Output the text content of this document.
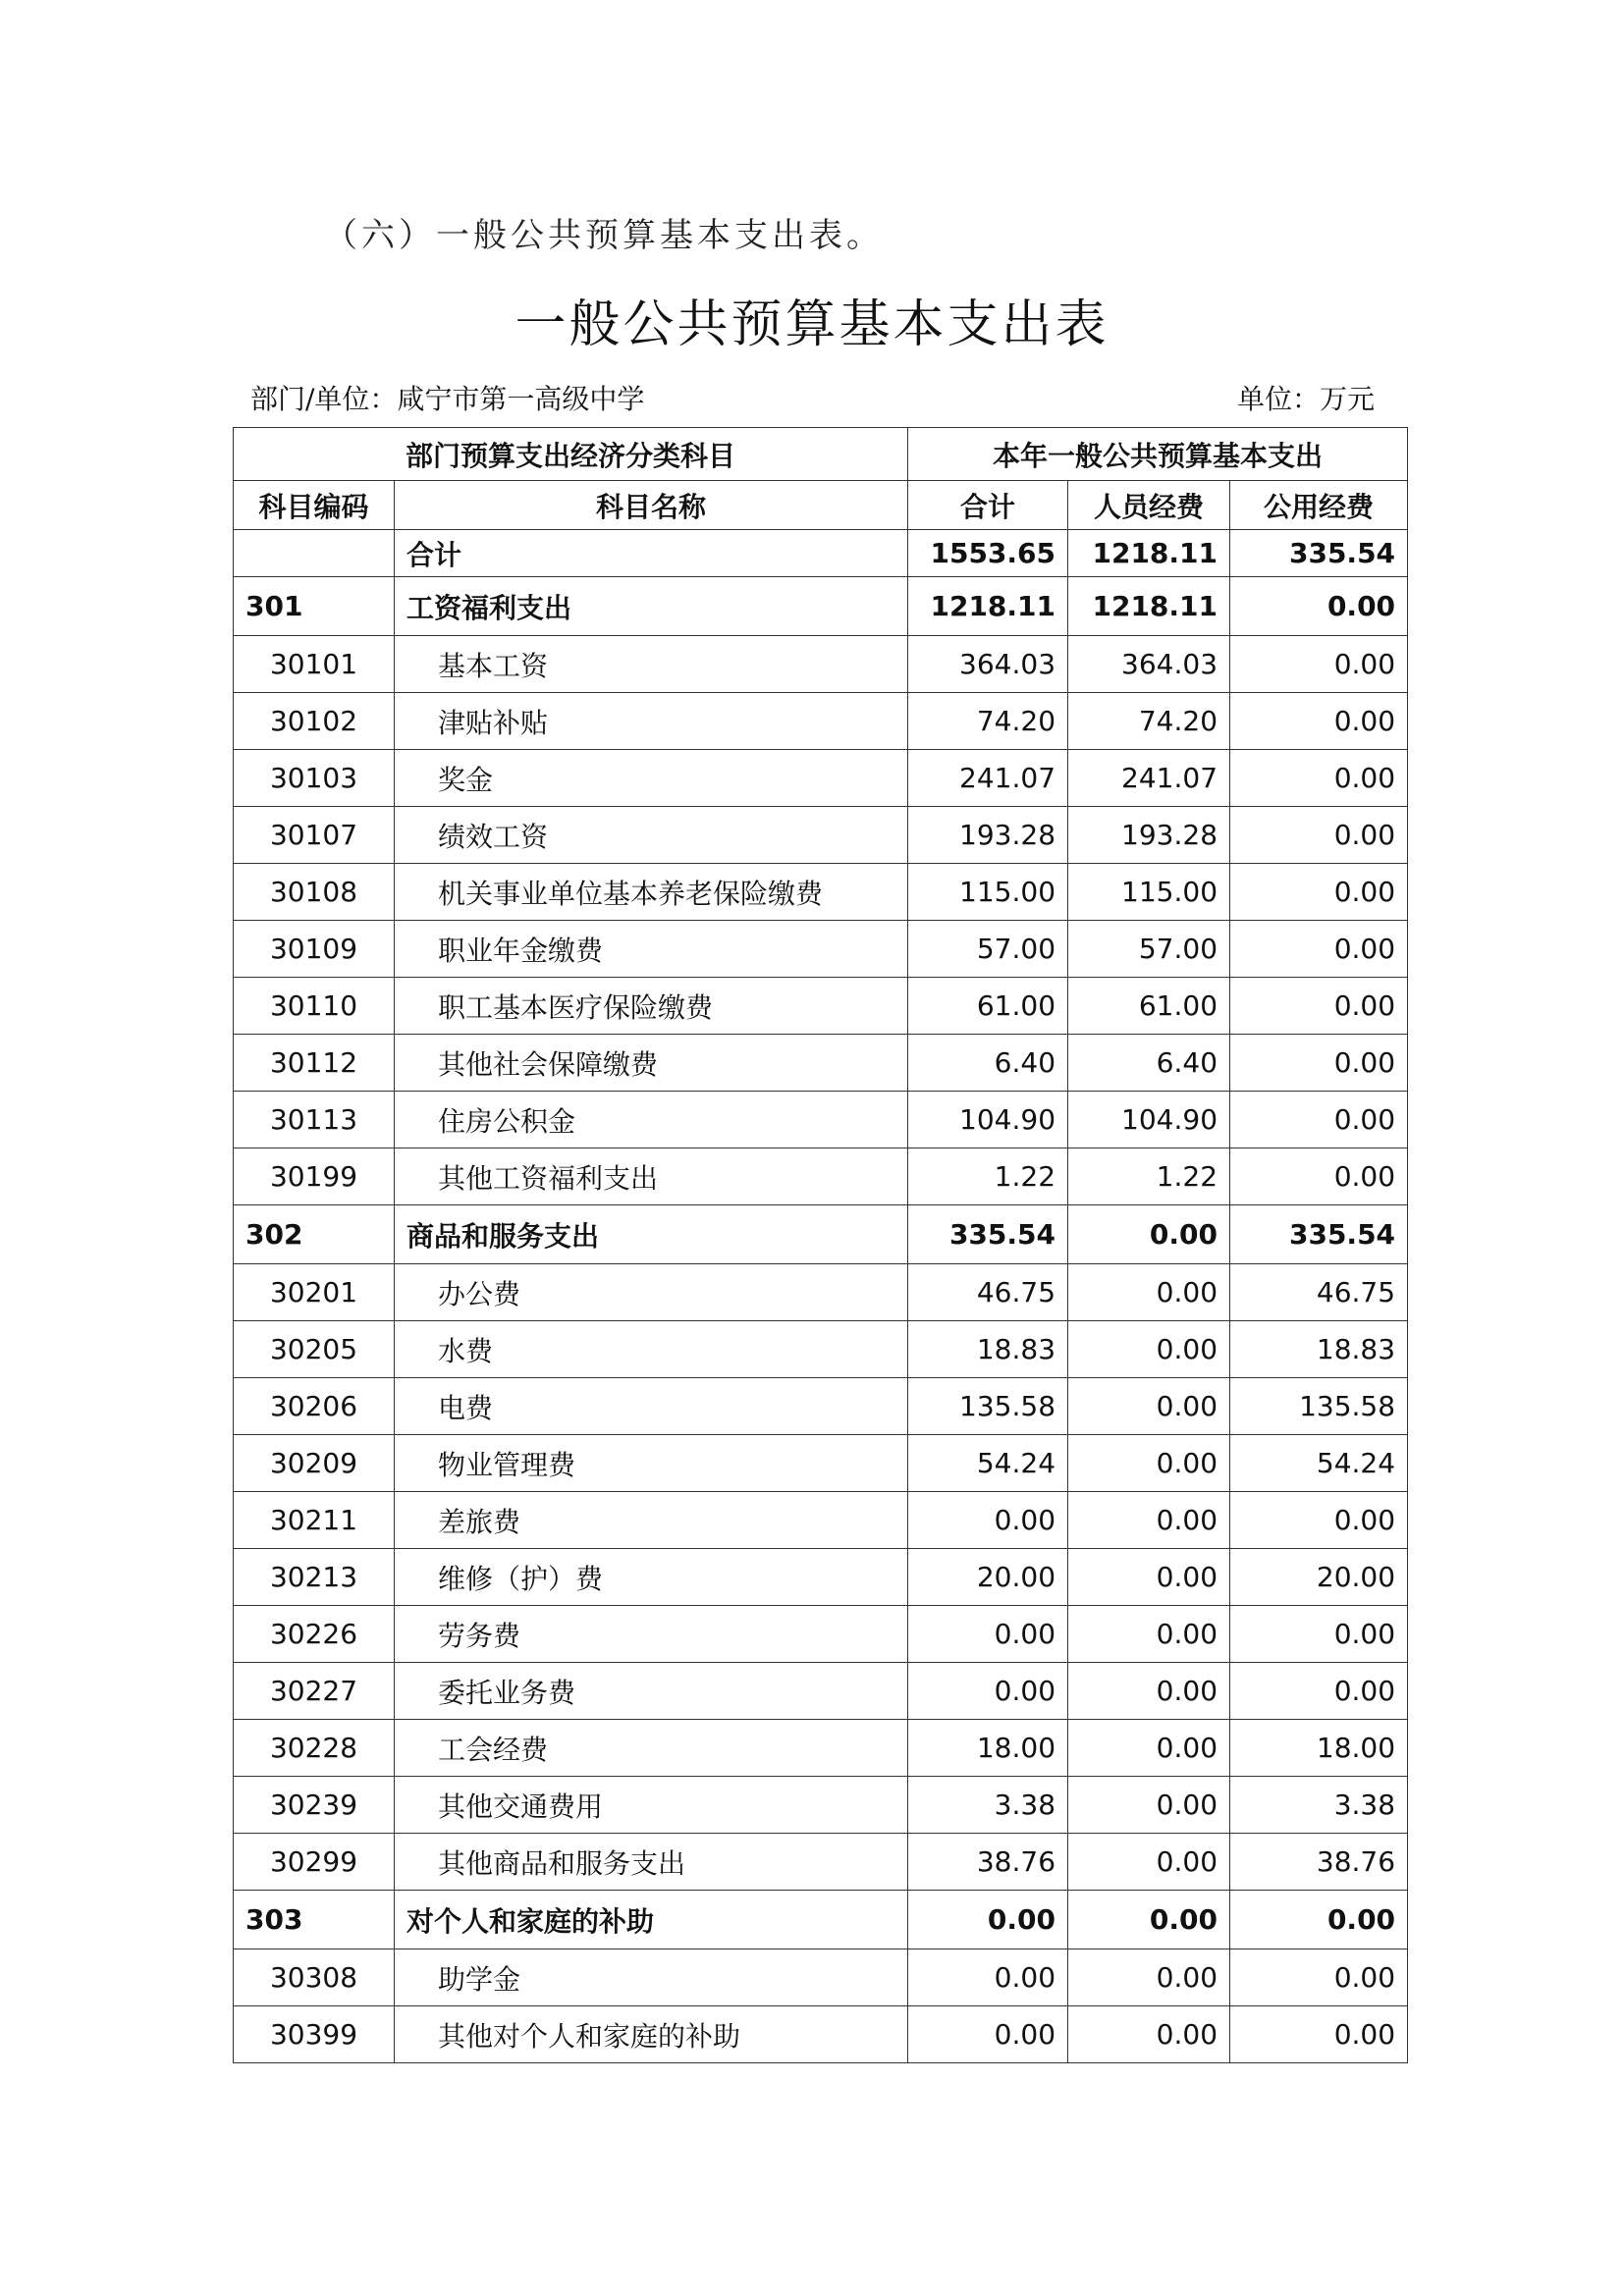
（六）一般公共预算基本支出表。
一般公共预算基本支出表
部门/单位：咸宁市第一高级中学	单位：万元
部门预算支出经济分类科目		本年一般公共预算基本支出		
科目编码	科目名称	合计	人员经费	公用经费
	合计	1553.65	1218.11	335.54
301	工资福利支出	1218.11	1218.11	0.00
30101	基本工资	364.03	364.03	0.00
30102	津贴补贴	74.20	74.20	0.00
30103	奖金	241.07	241.07	0.00
30107	绩效工资	193.28	193.28	0.00
30108	机关事业单位基本养老保险缴费	115.00	115.00	0.00
30109	职业年金缴费	57.00	57.00	0.00
30110	职工基本医疗保险缴费	61.00	61.00	0.00
30112	其他社会保障缴费	6.40	6.40	0.00
30113	住房公积金	104.90	104.90	0.00
30199	其他工资福利支出	1.22	1.22	0.00
302	商品和服务支出	335.54	0.00	335.54
30201	办公费	46.75	0.00	46.75
30205	水费	18.83	0.00	18.83
30206	电费	135.58	0.00	135.58
30209	物业管理费	54.24	0.00	54.24
30211	差旅费	0.00	0.00	0.00
30213	维修（护）费	20.00	0.00	20.00
30226	劳务费	0.00	0.00	0.00
30227	委托业务费	0.00	0.00	0.00
30228	工会经费	18.00	0.00	18.00
30239	其他交通费用	3.38	0.00	3.38
30299	其他商品和服务支出	38.76	0.00	38.76
303	对个人和家庭的补助	0.00	0.00	0.00
30308	助学金	0.00	0.00	0.00
30399	其他对个人和家庭的补助	0.00	0.00	0.00
